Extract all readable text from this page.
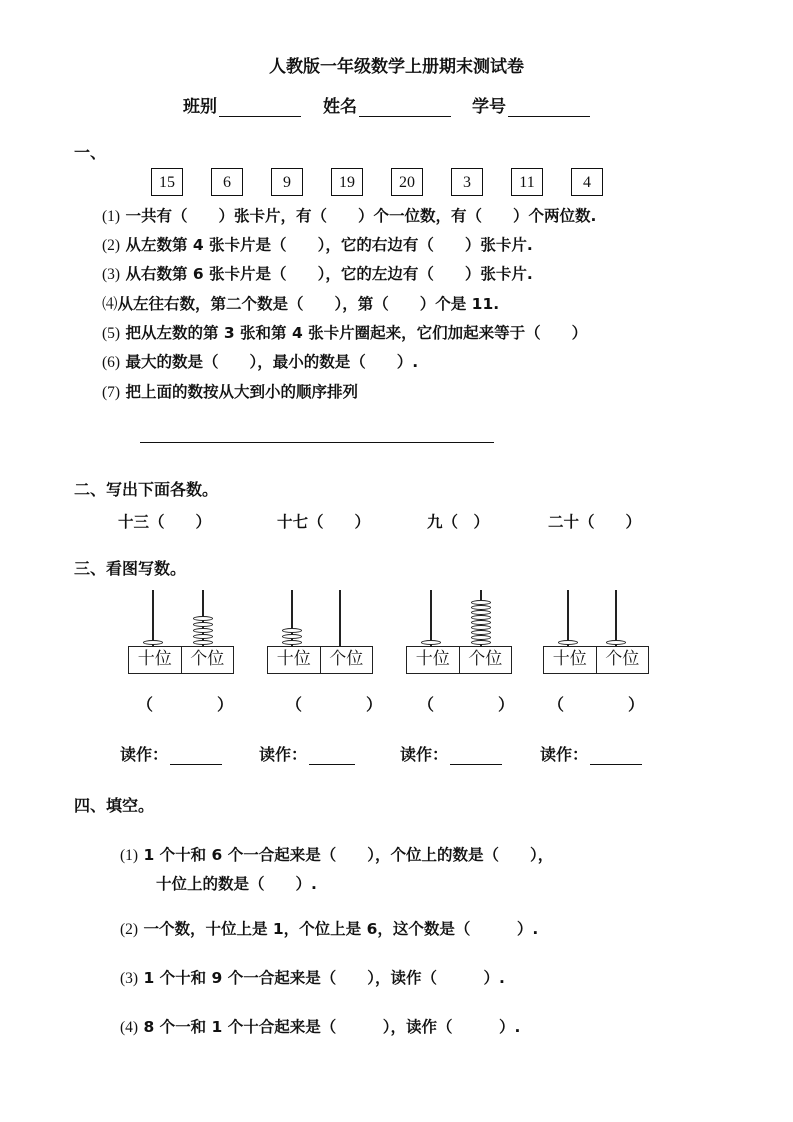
人教版一年级数学上册期末测试卷
班别	姓名	学号
一、
15	6	9	19	20	3	11	4
(1) 一共有（　　）张卡片，有（　　）个一位数，有（　　）个两位数.
(2) 从左数第 4 张卡片是（　　），它的右边有（　　）张卡片.
(3) 从右数第 6 张卡片是（　　），它的左边有（　　）张卡片.
⑷从左往右数，第二个数是（　　），第（　　）个是 11.
(5) 把从左数的第 3 张和第 4 张卡片圈起来，它们加起来等于（　　）
(6) 最大的数是（　　），最小的数是（　　）.
(7) 把上面的数按从大到小的顺序排列
二、写出下面各数。
十三（　　）	十七（　　）	九（　）	二十（　　）
三、看图写数。
十位	个位	十位	个位	十位	个位	十位	个位
（　　　　）	（　　　　） （　　　　） （　　　　）
读作：	读作：	读作：	读作：
四、填空。
(1) 1 个十和 6 个一合起来是（　　），个位上的数是（　　），
十位上的数是（　　）.
(2) 一个数，十位上是 1，个位上是 6，这个数是（　　　）.
(3) 1 个十和 9 个一合起来是（　　），读作（　　　）.
(4) 8 个一和 1 个十合起来是（　　　），读作（　　　）.
